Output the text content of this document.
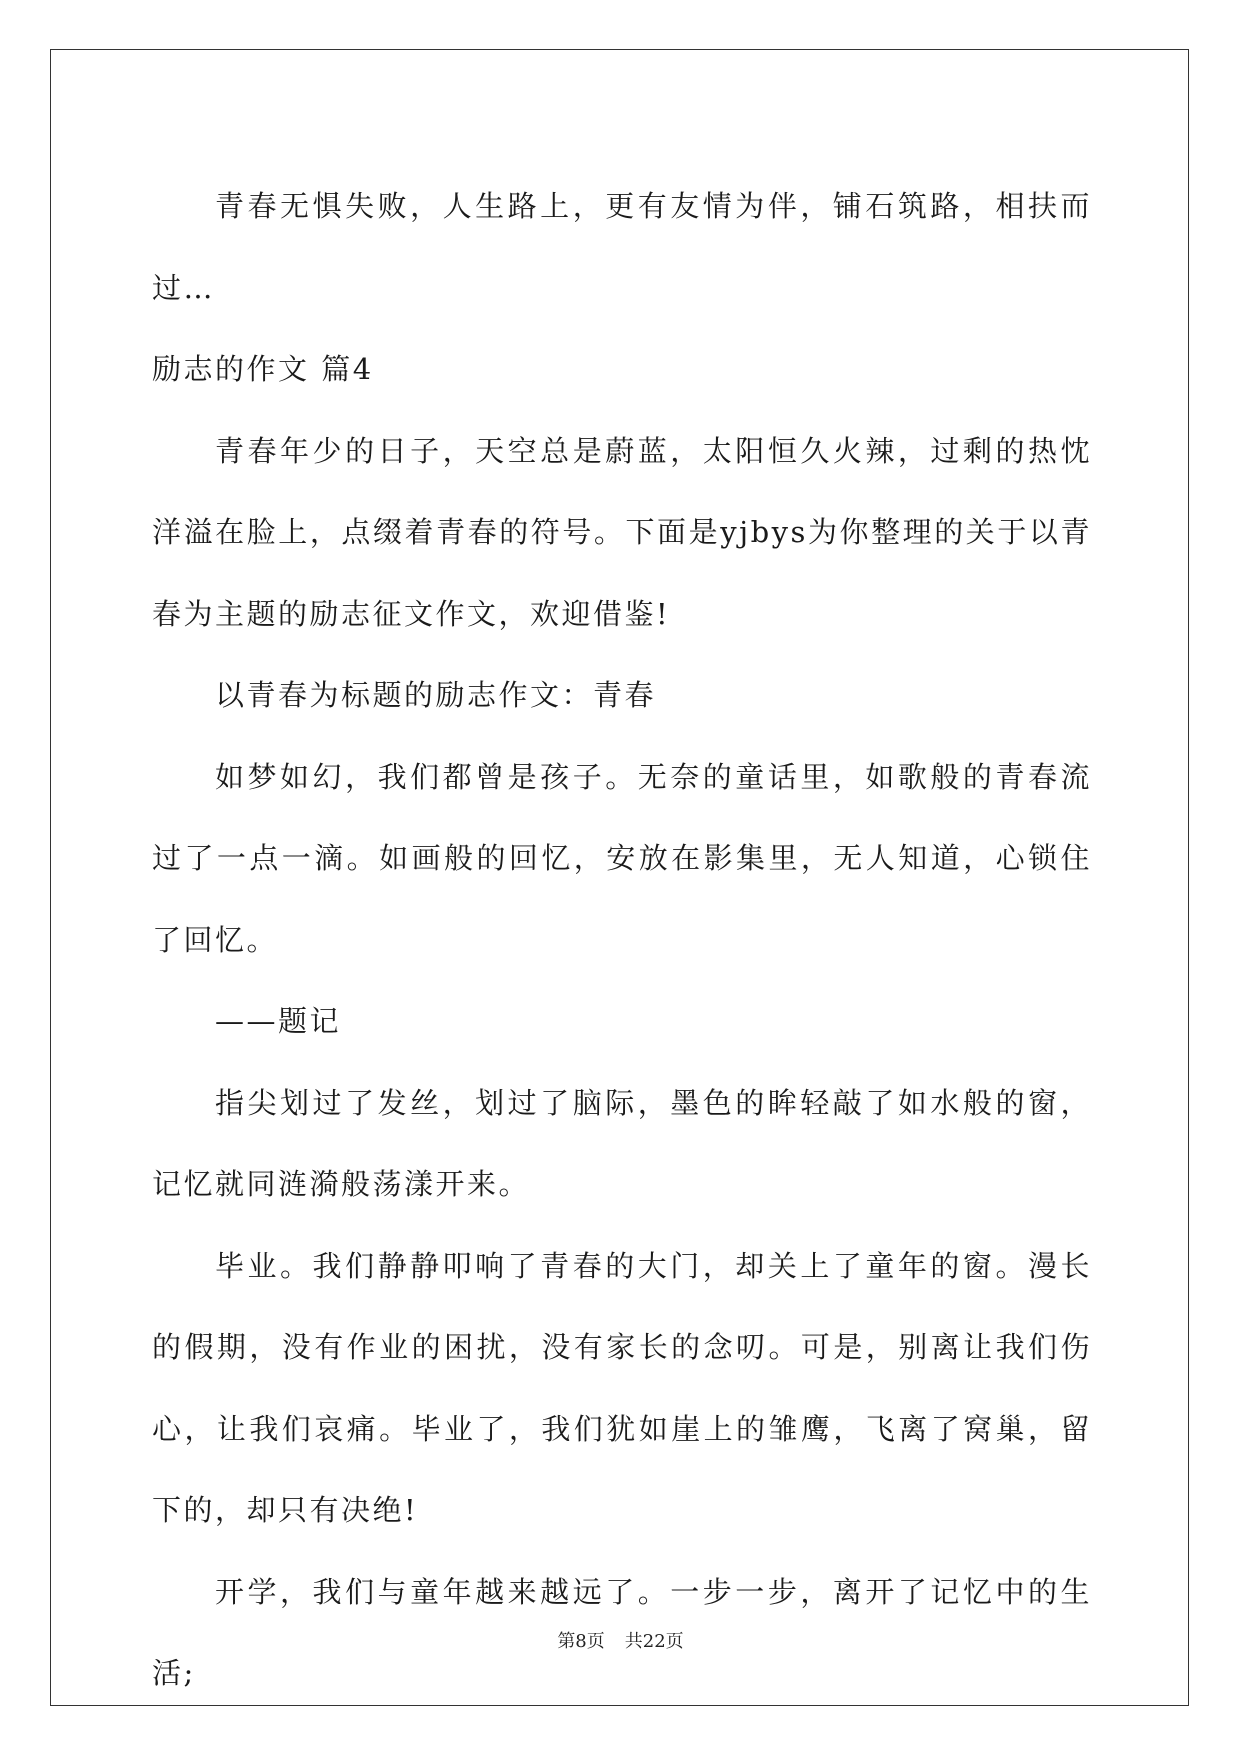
青春无惧失败，人生路上，更有友情为伴，铺石筑路，相扶而过…

励志的作文 篇4

青春年少的日子，天空总是蔚蓝，太阳恒久火辣，过剩的热忱洋溢在脸上，点缀着青春的符号。下面是yjbys为你整理的关于以青春为主题的励志征文作文，欢迎借鉴!

以青春为标题的励志作文：青春

如梦如幻，我们都曾是孩子。无奈的童话里，如歌般的青春流过了一点一滴。如画般的回忆，安放在影集里，无人知道，心锁住了回忆。

——题记

指尖划过了发丝，划过了脑际，墨色的眸轻敲了如水般的窗，记忆就同涟漪般荡漾开来。

毕业。我们静静叩响了青春的大门，却关上了童年的窗。漫长的假期，没有作业的困扰，没有家长的念叨。可是，别离让我们伤心，让我们哀痛。毕业了，我们犹如崖上的雏鹰，飞离了窝巢，留下的，却只有决绝!

开学，我们与童年越来越远了。一步一步，离开了记忆中的生活;

第8页 共22页
